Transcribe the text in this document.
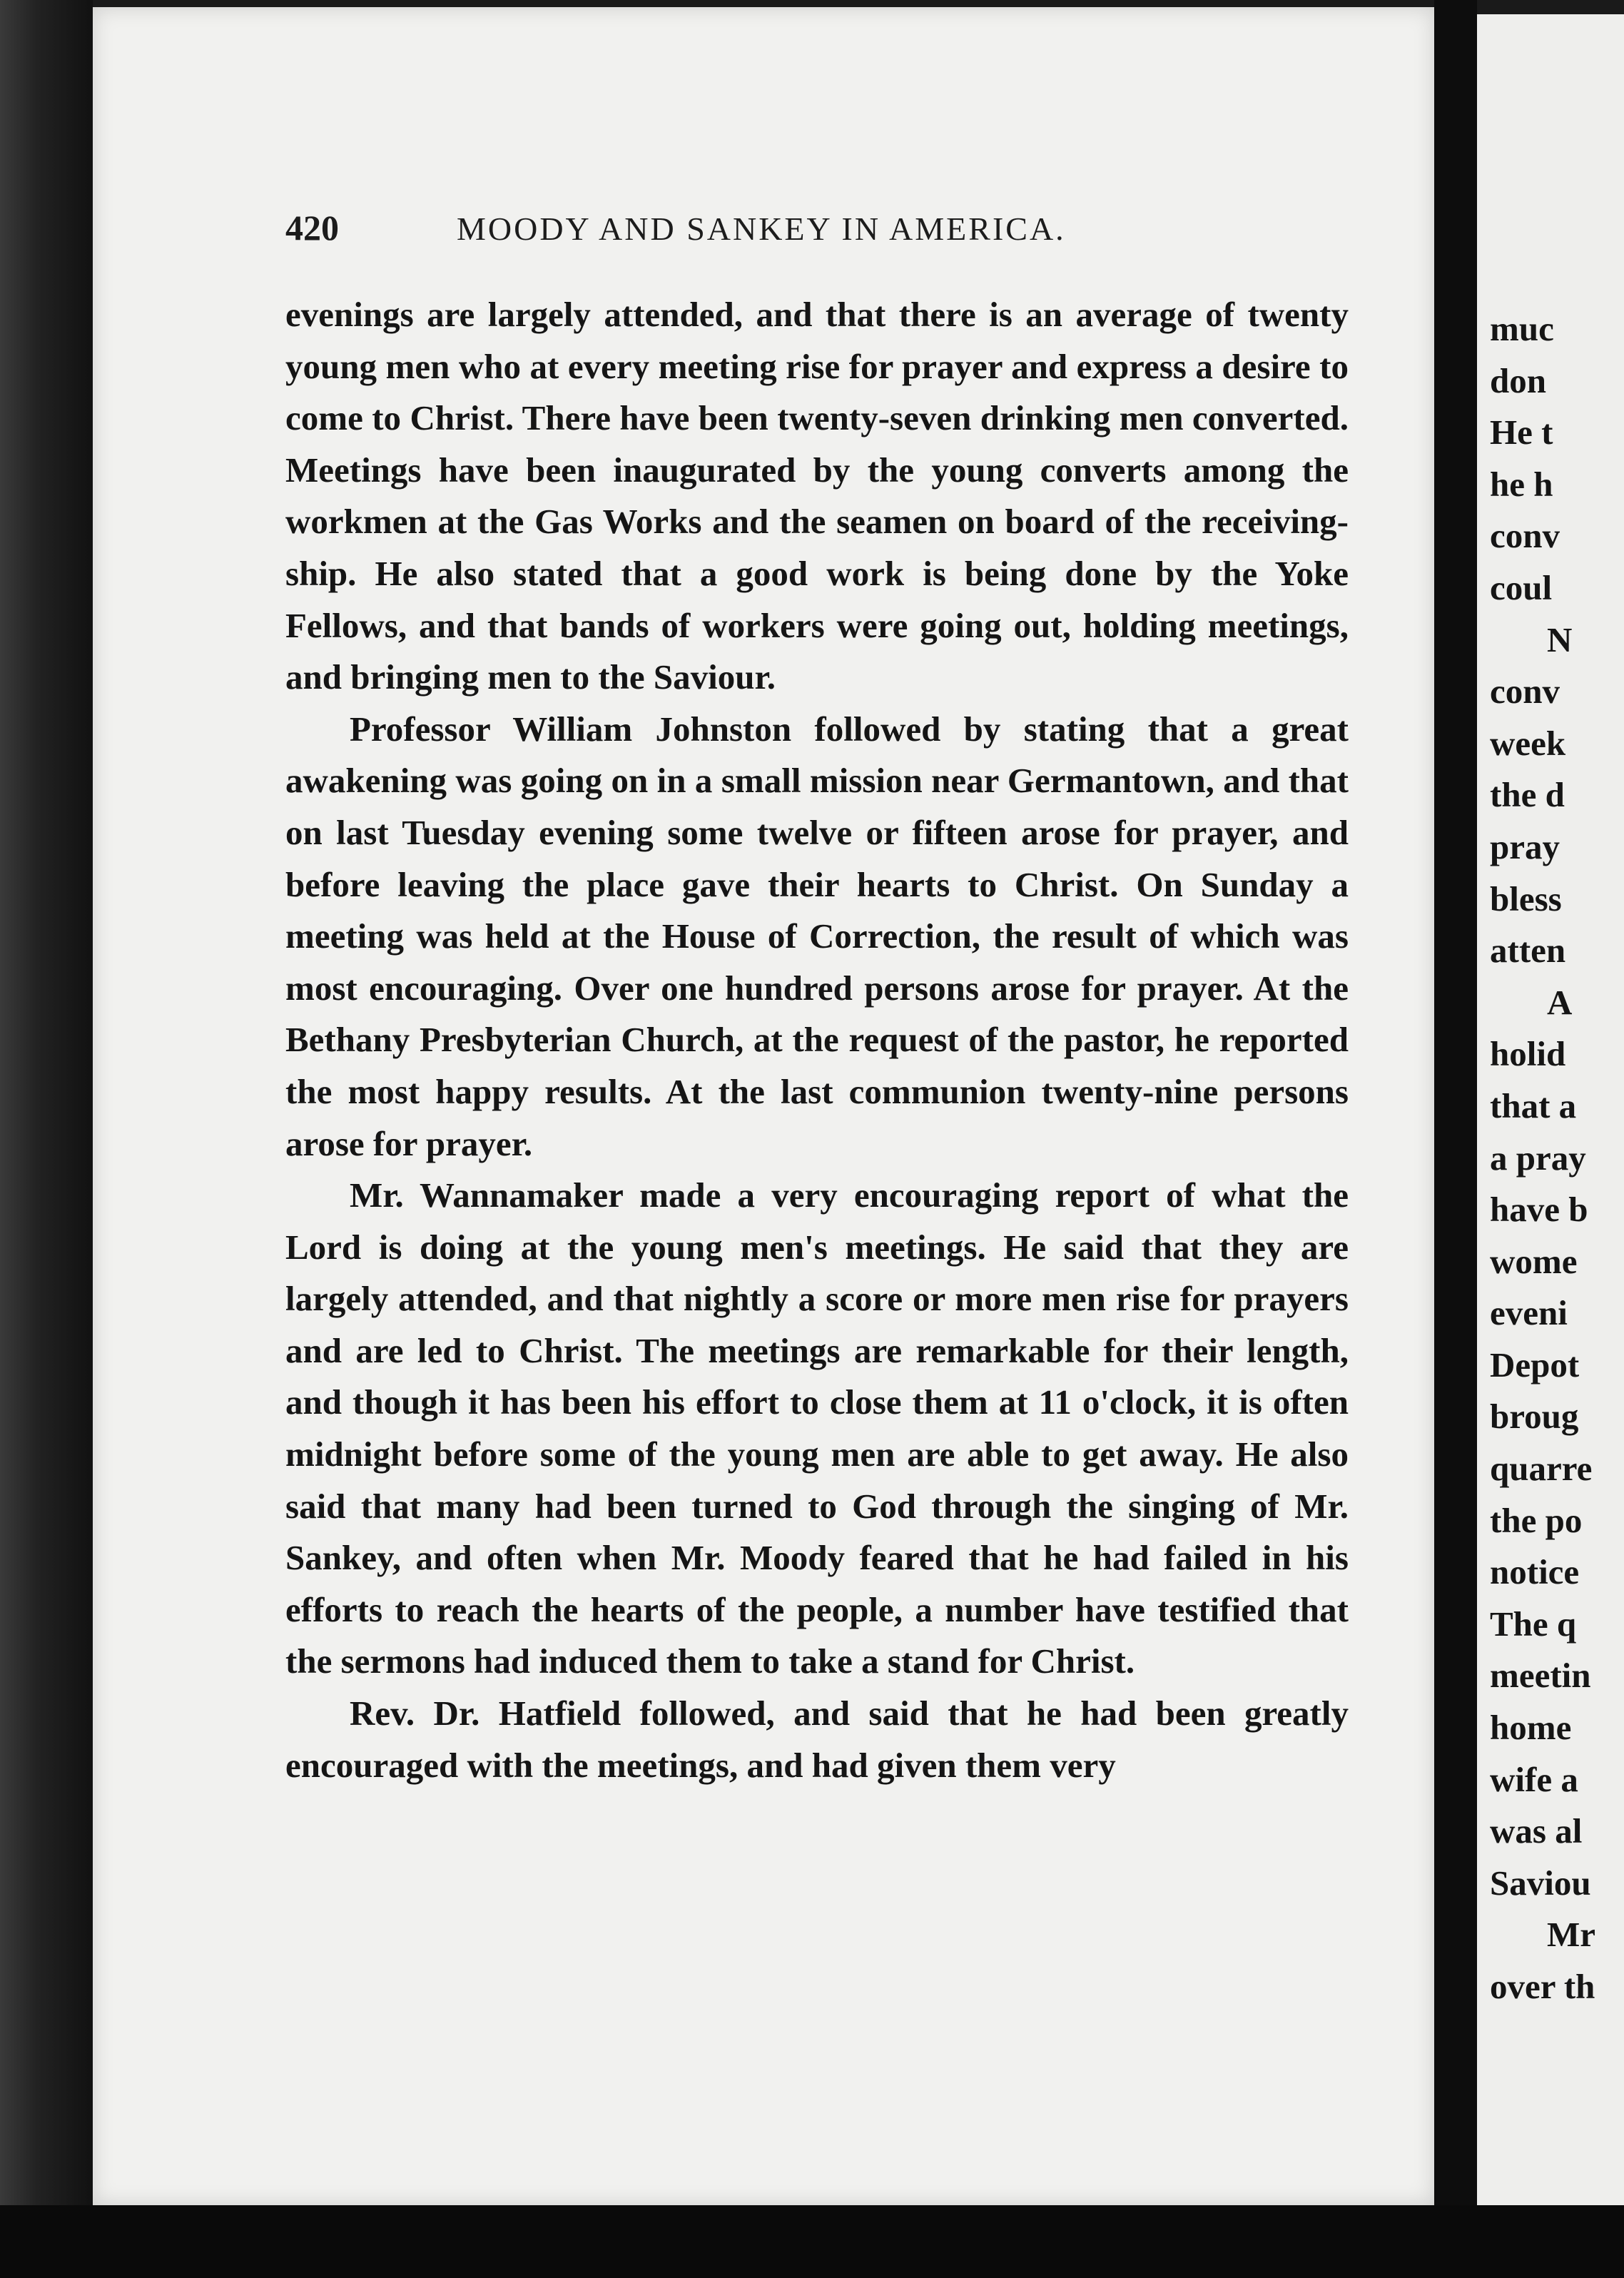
420	MOODY AND SANKEY IN AMERICA.

evenings are largely attended, and that there is an average of twenty young men who at every meeting rise for prayer and express a desire to come to Christ. There have been twenty-seven drinking men converted. Meetings have been inaugurated by the young converts among the workmen at the Gas Works and the seamen on board of the receiving-ship. He also stated that a good work is being done by the Yoke Fellows, and that bands of workers were going out, holding meetings, and bringing men to the Saviour.

Professor William Johnston followed by stating that a great awakening was going on in a small mission near Germantown, and that on last Tuesday evening some twelve or fifteen arose for prayer, and before leaving the place gave their hearts to Christ. On Sunday a meeting was held at the House of Correction, the result of which was most encouraging. Over one hundred persons arose for prayer. At the Bethany Presbyterian Church, at the request of the pastor, he reported the most happy results. At the last communion twenty-nine persons arose for prayer.

Mr. Wannamaker made a very encouraging report of what the Lord is doing at the young men's meetings. He said that they are largely attended, and that nightly a score or more men rise for prayers and are led to Christ. The meetings are remarkable for their length, and though it has been his effort to close them at 11 o'clock, it is often midnight before some of the young men are able to get away. He also said that many had been turned to God through the singing of Mr. Sankey, and often when Mr. Moody feared that he had failed in his efforts to reach the hearts of the people, a number have testified that the sermons had induced them to take a stand for Christ.

Rev. Dr. Hatfield followed, and said that he had been greatly encouraged with the meetings, and had given them very

muc
don
He t
he h
conv
coul
N
conv
week
the d
pray
bless
atten
A
holid
that a
a pray
have b
wome
eveni
Depot
broug
quarre
the po
notice
The q
meetin
home
wife a
was al
Saviou
Mr
over th
